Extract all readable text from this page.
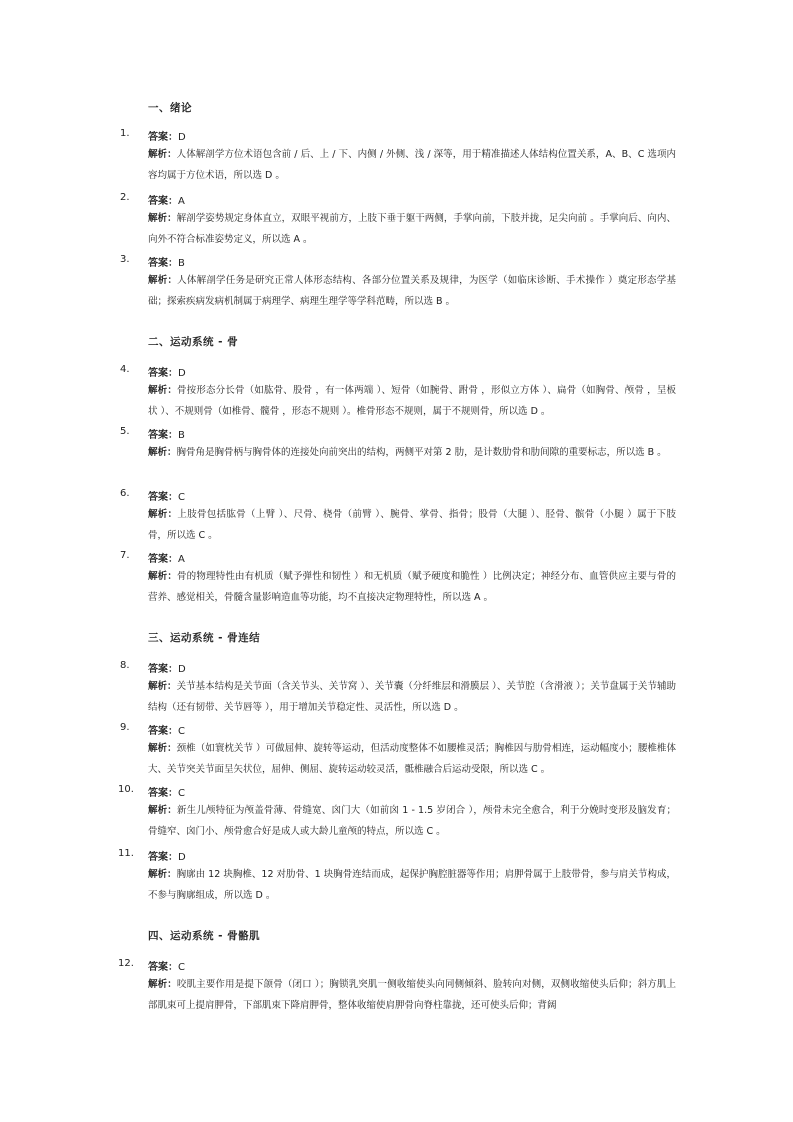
一、绪论
1.	答案：D
解析：人体解剖学方位术语包含前 / 后、上 / 下、内侧 / 外侧、浅 / 深等，用于精准描述人体结构位置关系，A、B、C 选项内容均属于方位术语，所以选 D 。
2.	答案：A
解析：解剖学姿势规定身体直立，双眼平视前方，上肢下垂于躯干两侧，手掌向前，下肢并拢，足尖向前 。手掌向后、向内、向外不符合标准姿势定义，所以选 A 。
3.	答案：B
解析：人体解剖学任务是研究正常人体形态结构、各部分位置关系及规律，为医学（如临床诊断、手术操作 ）奠定形态学基础；探索疾病发病机制属于病理学、病理生理学等学科范畴，所以选 B 。
二、运动系统 - 骨
4.	答案：D
解析：骨按形态分长骨（如肱骨、股骨 ，有一体两端 ）、短骨（如腕骨、跗骨 ，形似立方体 ）、扁骨（如胸骨、颅骨 ，呈板状 ）、不规则骨（如椎骨、髋骨 ，形态不规则 ）。椎骨形态不规则，属于不规则骨，所以选 D 。
5.	答案：B
解析：胸骨角是胸骨柄与胸骨体的连接处向前突出的结构，两侧平对第 2 肋，是计数肋骨和肋间隙的重要标志，所以选 B 。
6.	答案：C
解析：上肢骨包括肱骨（上臂 ）、尺骨、桡骨（前臂 ）、腕骨、掌骨、指骨；股骨（大腿 ）、胫骨、髌骨（小腿 ）属于下肢骨，所以选 C 。
7.	答案：A
解析：骨的物理特性由有机质（赋予弹性和韧性 ）和无机质（赋予硬度和脆性 ）比例决定；神经分布、血管供应主要与骨的营养、感觉相关，骨髓含量影响造血等功能，均不直接决定物理特性，所以选 A 。
三、运动系统 - 骨连结
8.	答案：D
解析：关节基本结构是关节面（含关节头、关节窝 ）、关节囊（分纤维层和滑膜层 ）、关节腔（含滑液 ）；关节盘属于关节辅助结构（还有韧带、关节唇等 ），用于增加关节稳定性、灵活性，所以选 D 。
9.	答案：C
解析：颈椎（如寰枕关节 ）可做屈伸、旋转等运动，但活动度整体不如腰椎灵活；胸椎因与肋骨相连，运动幅度小；腰椎椎体大、关节突关节面呈矢状位，屈伸、侧屈、旋转运动较灵活，骶椎融合后运动受限，所以选 C 。
10.	答案：C
解析：新生儿颅特征为颅盖骨薄、骨缝宽、囟门大（如前囟 1 - 1.5 岁闭合 ），颅骨未完全愈合，利于分娩时变形及脑发育；骨缝窄、囟门小、颅骨愈合好是成人或大龄儿童颅的特点，所以选 C 。
11.	答案：D
解析：胸廓由 12 块胸椎、12 对肋骨、1 块胸骨连结而成，起保护胸腔脏器等作用；肩胛骨属于上肢带骨，参与肩关节构成，不参与胸廓组成，所以选 D 。
四、运动系统 - 骨骼肌
12.	答案：C
解析：咬肌主要作用是提下颌骨（闭口 ）；胸锁乳突肌一侧收缩使头向同侧倾斜、脸转向对侧，双侧收缩使头后仰；斜方肌上部肌束可上提肩胛骨，下部肌束下降肩胛骨，整体收缩使肩胛骨向脊柱靠拢，还可使头后仰；背阔
